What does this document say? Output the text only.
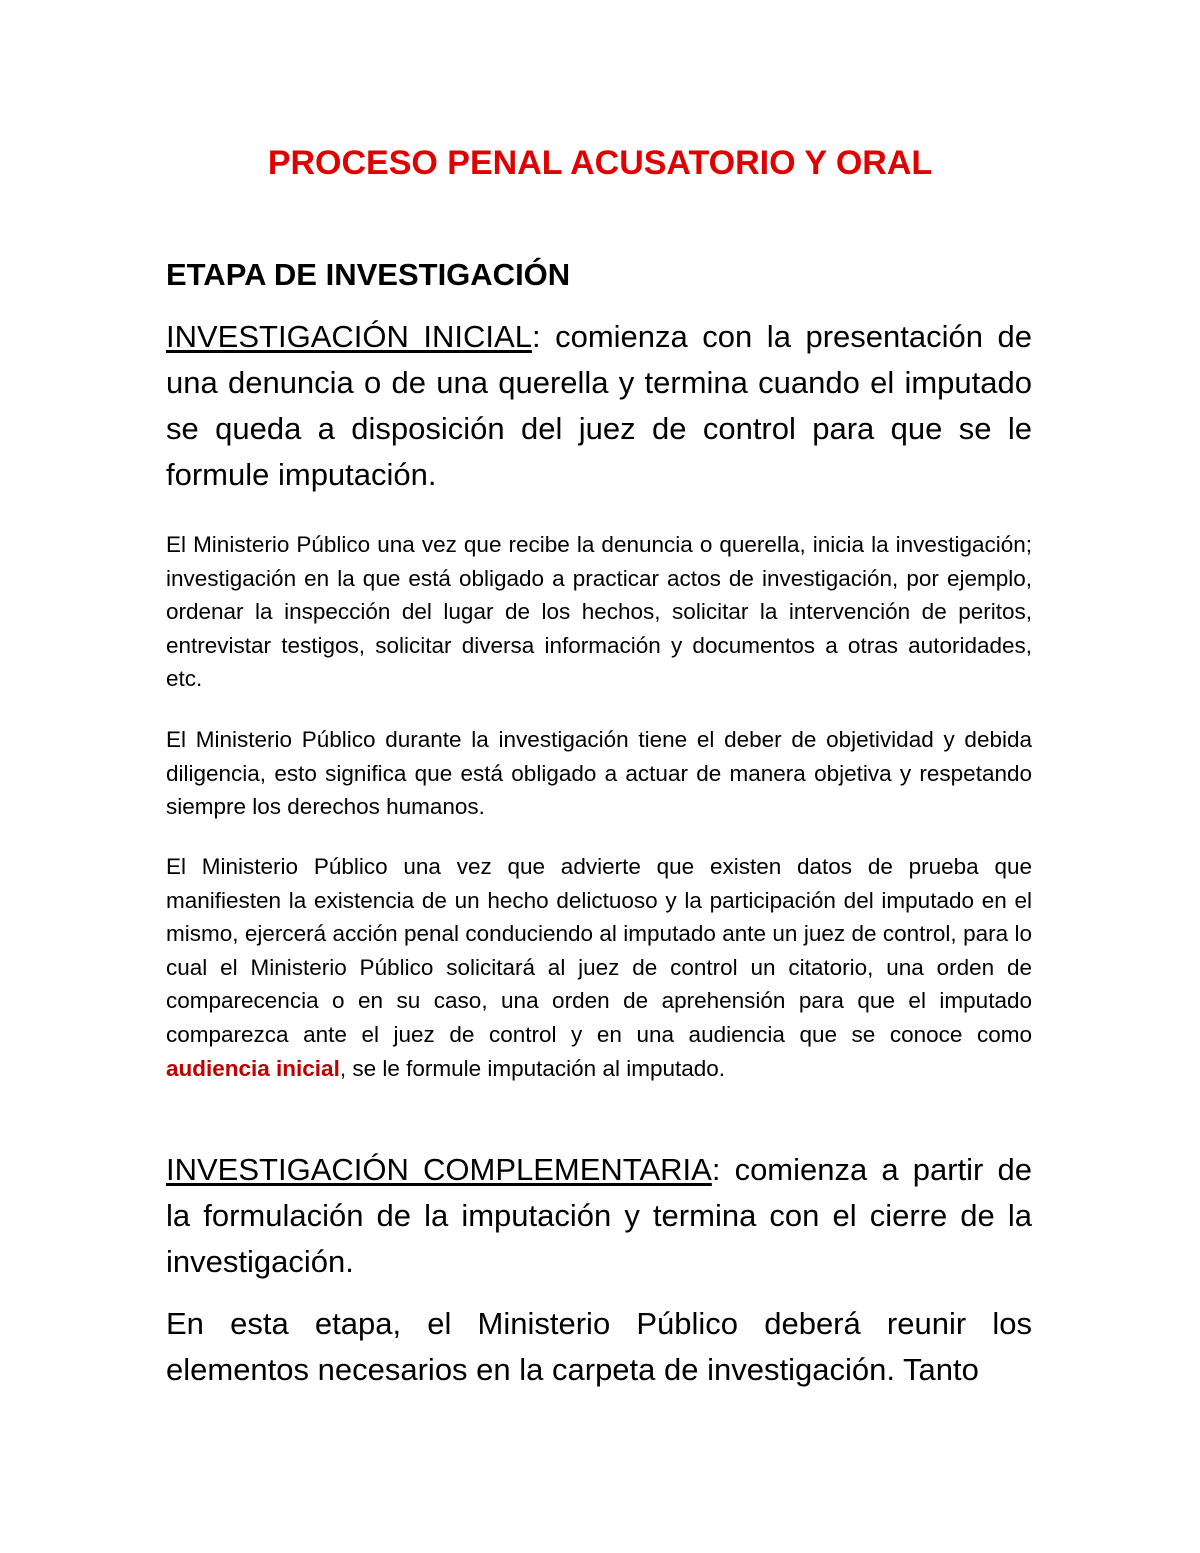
PROCESO PENAL ACUSATORIO Y ORAL
ETAPA DE INVESTIGACIÓN

INVESTIGACIÓN INICIAL: comienza con la presentación de una denuncia o de una querella y termina cuando el imputado se queda a disposición del juez de control para que se le formule imputación.

El Ministerio Público una vez que recibe la denuncia o querella, inicia la investigación; investigación en la que está obligado a practicar actos de investigación, por ejemplo, ordenar la inspección del lugar de los hechos, solicitar la intervención de peritos, entrevistar testigos, solicitar diversa información y documentos a otras autoridades, etc.

El Ministerio Público durante la investigación tiene el deber de objetividad y debida diligencia, esto significa que está obligado a actuar de manera objetiva y respetando siempre los derechos humanos.

El Ministerio Público una vez que advierte que existen datos de prueba que manifiesten la existencia de un hecho delictuoso y la participación del imputado en el mismo, ejercerá acción penal conduciendo al imputado ante un juez de control, para lo cual el Ministerio Público solicitará al juez de control un citatorio, una orden de comparecencia o en su caso, una orden de aprehensión para que el imputado comparezca ante el juez de control y en una audiencia que se conoce como audiencia inicial, se le formule imputación al imputado.

INVESTIGACIÓN COMPLEMENTARIA: comienza a partir de la formulación de la imputación y termina con el cierre de la investigación.

En esta etapa, el Ministerio Público deberá reunir los elementos necesarios en la carpeta de investigación. Tanto
